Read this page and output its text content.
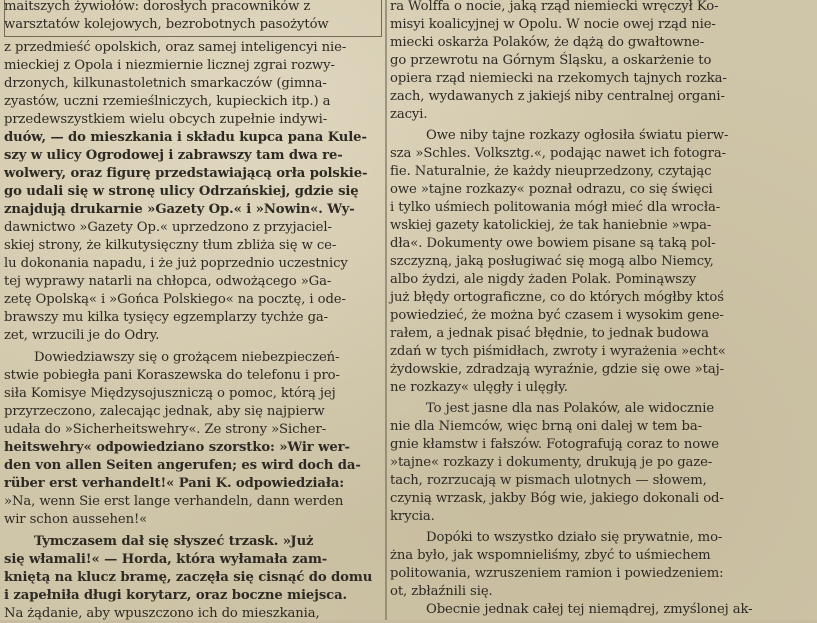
maitszych żywiołów: dorosłych pracowników z
warsztatów kolejowych, bezrobotnych pasożytów
z przedmieść opolskich, oraz samej inteligencyi nie-
mieckiej z Opola i niezmiernie licznej zgrai rozwy-
drzonych, kilkunastoletnich smarkaczów (gimna-
zyastów, uczni rzemieślniczych, kupieckich itp.) a
przedewszystkiem wielu obcych zupełnie indywi-
duów, — do mieszkania i składu kupca pana Kule-
szy w ulicy Ogrodowej i zabrawszy tam dwa re-
wolwery, oraz figurę przedstawiającą orła polskie-
go udali się w stronę ulicy Odrzańskiej, gdzie się
znajdują drukarnie »Gazety Op.« i »Nowin«. Wy-
dawnictwo »Gazety Op.« uprzedzono z przyjaciel-
skiej strony, że kilkutysięczny tłum zbliża się w ce-
lu dokonania napadu, i że już poprzednio uczestnicy
tej wyprawy natarli na chłopca, odwożącego »Ga-
zetę Opolską« i »Gońca Polskiego« na pocztę, i ode-
brawszy mu kilka tysięcy egzemplarzy tychże ga-
zet, wrzucili je do Odry.
Dowiedziawszy się o grożącem niebezpieczeń-
stwie pobiegła pani Koraszewska do telefonu i pro-
siła Komisye Międzysojuszniczą o pomoc, którą jej
przyrzeczono, zalecając jednak, aby się najpierw
udała do »Sicherheitswehry«. Ze strony »Sicher-
heitswehry« odpowiedziano szorstko: »Wir wer-
den von allen Seiten angerufen; es wird doch da-
rüber erst verhandelt!« Pani K. odpowiedziała:
»Na, wenn Sie erst lange verhandeln, dann werden
wir schon aussehen!«
Tymczasem dał się słyszeć trzask. »Już
się włamali!« — Horda, która wyłamała zam-
kniętą na klucz bramę, zaczęła się cisnąć do domu
i zapełniła długi korytarz, oraz boczne miejsca.
Na żądanie, aby wpuszczono ich do mieszkania,
ra Wolffa o nocie, jaką rząd niemiecki wręczył Ko-
misyi koalicyjnej w Opolu. W nocie owej rząd nie-
miecki oskarża Polaków, że dążą do gwałtowne-
go przewrotu na Górnym Śląsku, a oskarżenie to
opiera rząd niemiecki na rzekomych tajnych rozka-
zach, wydawanych z jakiejś niby centralnej organi-
zacyi.
Owe niby tajne rozkazy ogłosiła światu pierw-
sza »Schles. Volksztg.«, podając nawet ich fotogra-
fie. Naturalnie, że każdy nieuprzedzony, czytając
owe »tajne rozkazy« poznał odrazu, co się święci
i tylko uśmiech politowania mógł mieć dla wrocła-
wskiej gazety katolickiej, że tak haniebnie »wpa-
dła«. Dokumenty owe bowiem pisane są taką pol-
szczyzną, jaką posługiwać się mogą albo Niemcy,
albo żydzi, ale nigdy żaden Polak. Pominąwszy
już błędy ortograficzne, co do których mógłby ktoś
powiedzieć, że można być czasem i wysokim gene-
rałem, a jednak pisać błędnie, to jednak budowa
zdań w tych piśmidłach, zwroty i wyrażenia »echt«
żydowskie, zdradzają wyraźnie, gdzie się owe »taj-
ne rozkazy« ulęgły i ulęgły.
To jest jasne dla nas Polaków, ale widocznie
nie dla Niemców, więc brną oni dalej w tem ba-
gnie kłamstw i fałszów. Fotografują coraz to nowe
»tajne« rozkazy i dokumenty, drukują je po gaze-
tach, rozrzucają w pismach ulotnych — słowem,
czynią wrzask, jakby Bóg wie, jakiego dokonali od-
krycia.
Dopóki to wszystko działo się prywatnie, mo-
żna było, jak wspomnieliśmy, zbyć to uśmiechem
politowania, wzruszeniem ramion i powiedzeniem:
ot, zbłaźnili się.
Obecnie jednak całej tej niemądrej, zmyślonej ak-
